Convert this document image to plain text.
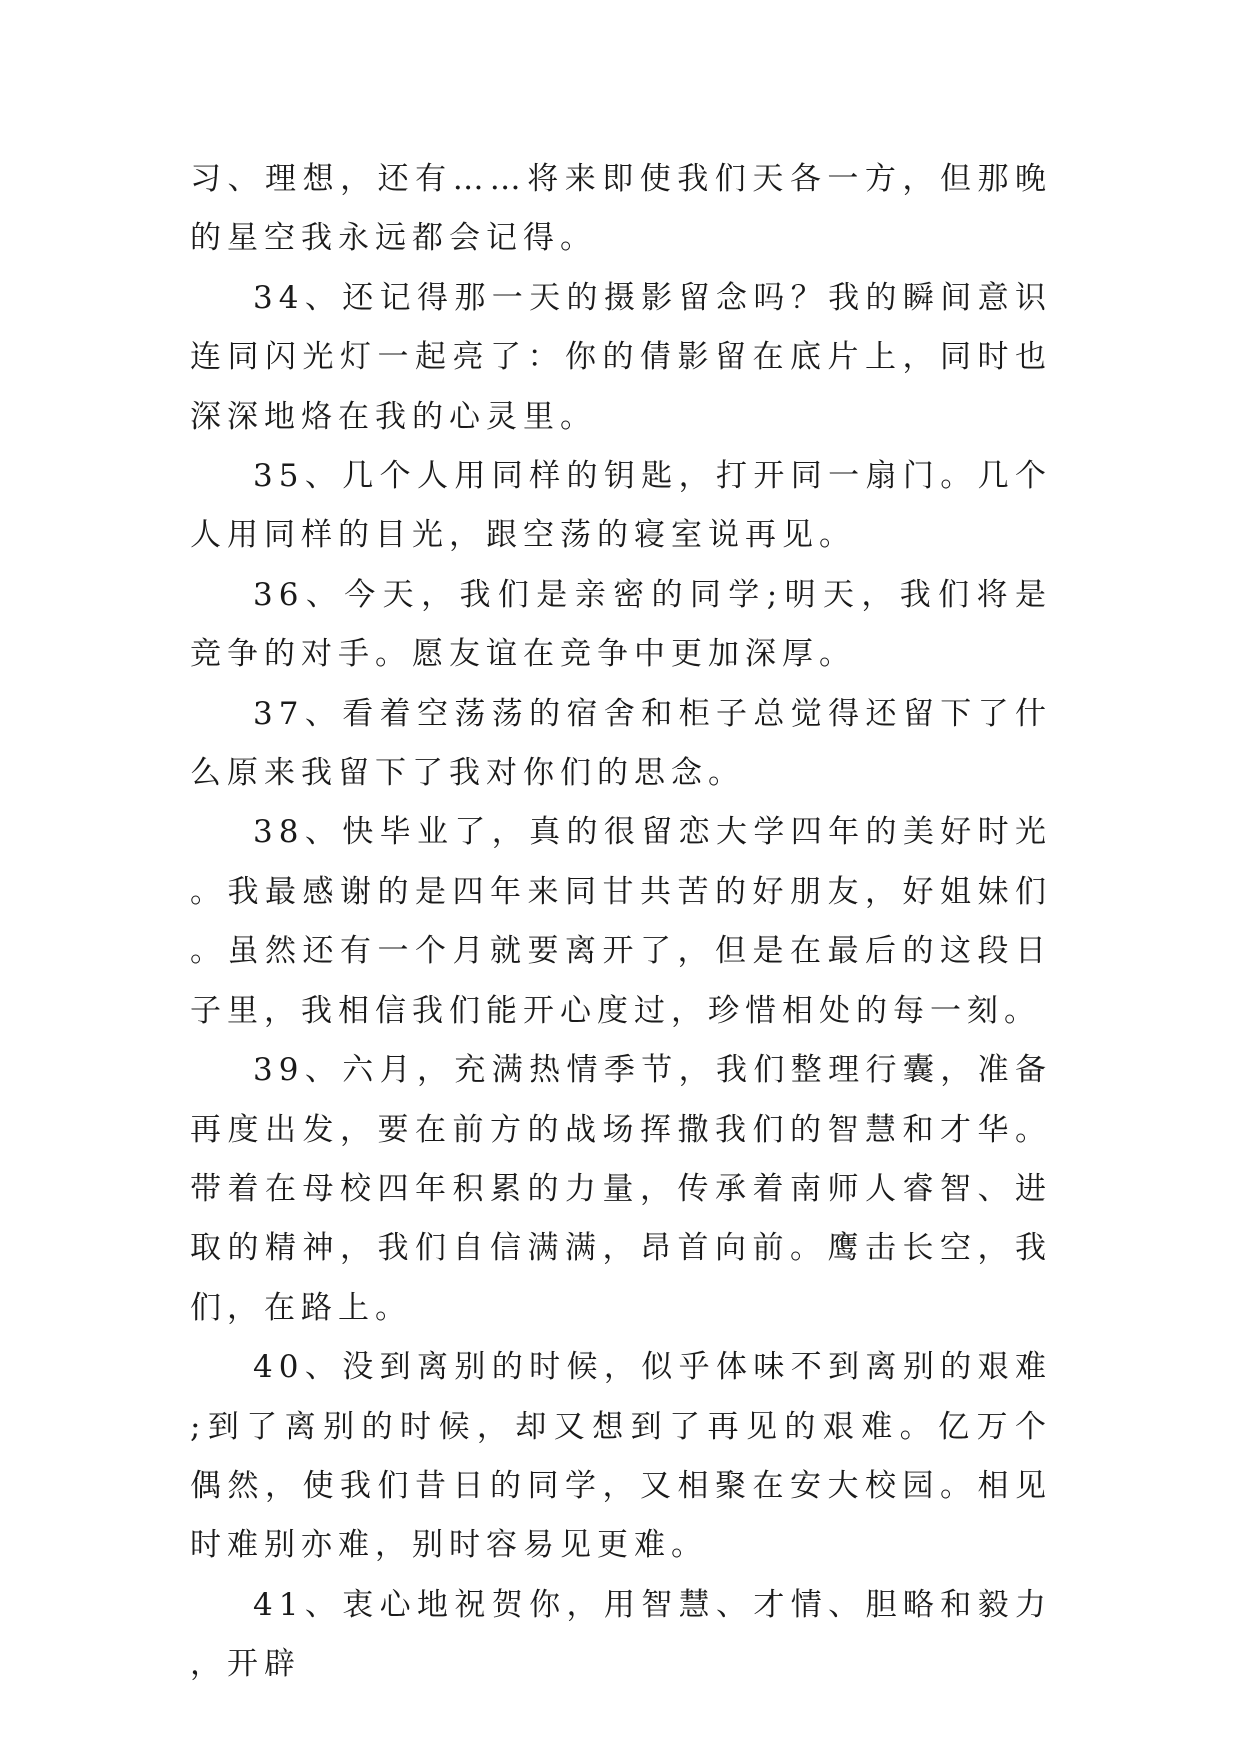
习、理想，还有……将来即使我们天各一方，但那晚的星空我永远都会记得。

34、还记得那一天的摄影留念吗？我的瞬间意识连同闪光灯一起亮了：你的倩影留在底片上，同时也深深地烙在我的心灵里。

35、几个人用同样的钥匙，打开同一扇门。几个人用同样的目光，跟空荡的寝室说再见。

36、今天，我们是亲密的同学;明天，我们将是竞争的对手。愿友谊在竞争中更加深厚。

37、看着空荡荡的宿舍和柜子总觉得还留下了什么原来我留下了我对你们的思念。

38、快毕业了，真的很留恋大学四年的美好时光。我最感谢的是四年来同甘共苦的好朋友，好姐妹们。虽然还有一个月就要离开了，但是在最后的这段日子里，我相信我们能开心度过，珍惜相处的每一刻。

39、六月，充满热情季节，我们整理行囊，准备再度出发，要在前方的战场挥撒我们的智慧和才华。带着在母校四年积累的力量，传承着南师人睿智、进取的精神，我们自信满满，昂首向前。鹰击长空，我们，在路上。

40、没到离别的时候，似乎体味不到离别的艰难;到了离别的时候，却又想到了再见的艰难。亿万个偶然，使我们昔日的同学，又相聚在安大校园。相见时难别亦难，别时容易见更难。

41、衷心地祝贺你，用智慧、才情、胆略和毅力，开辟
